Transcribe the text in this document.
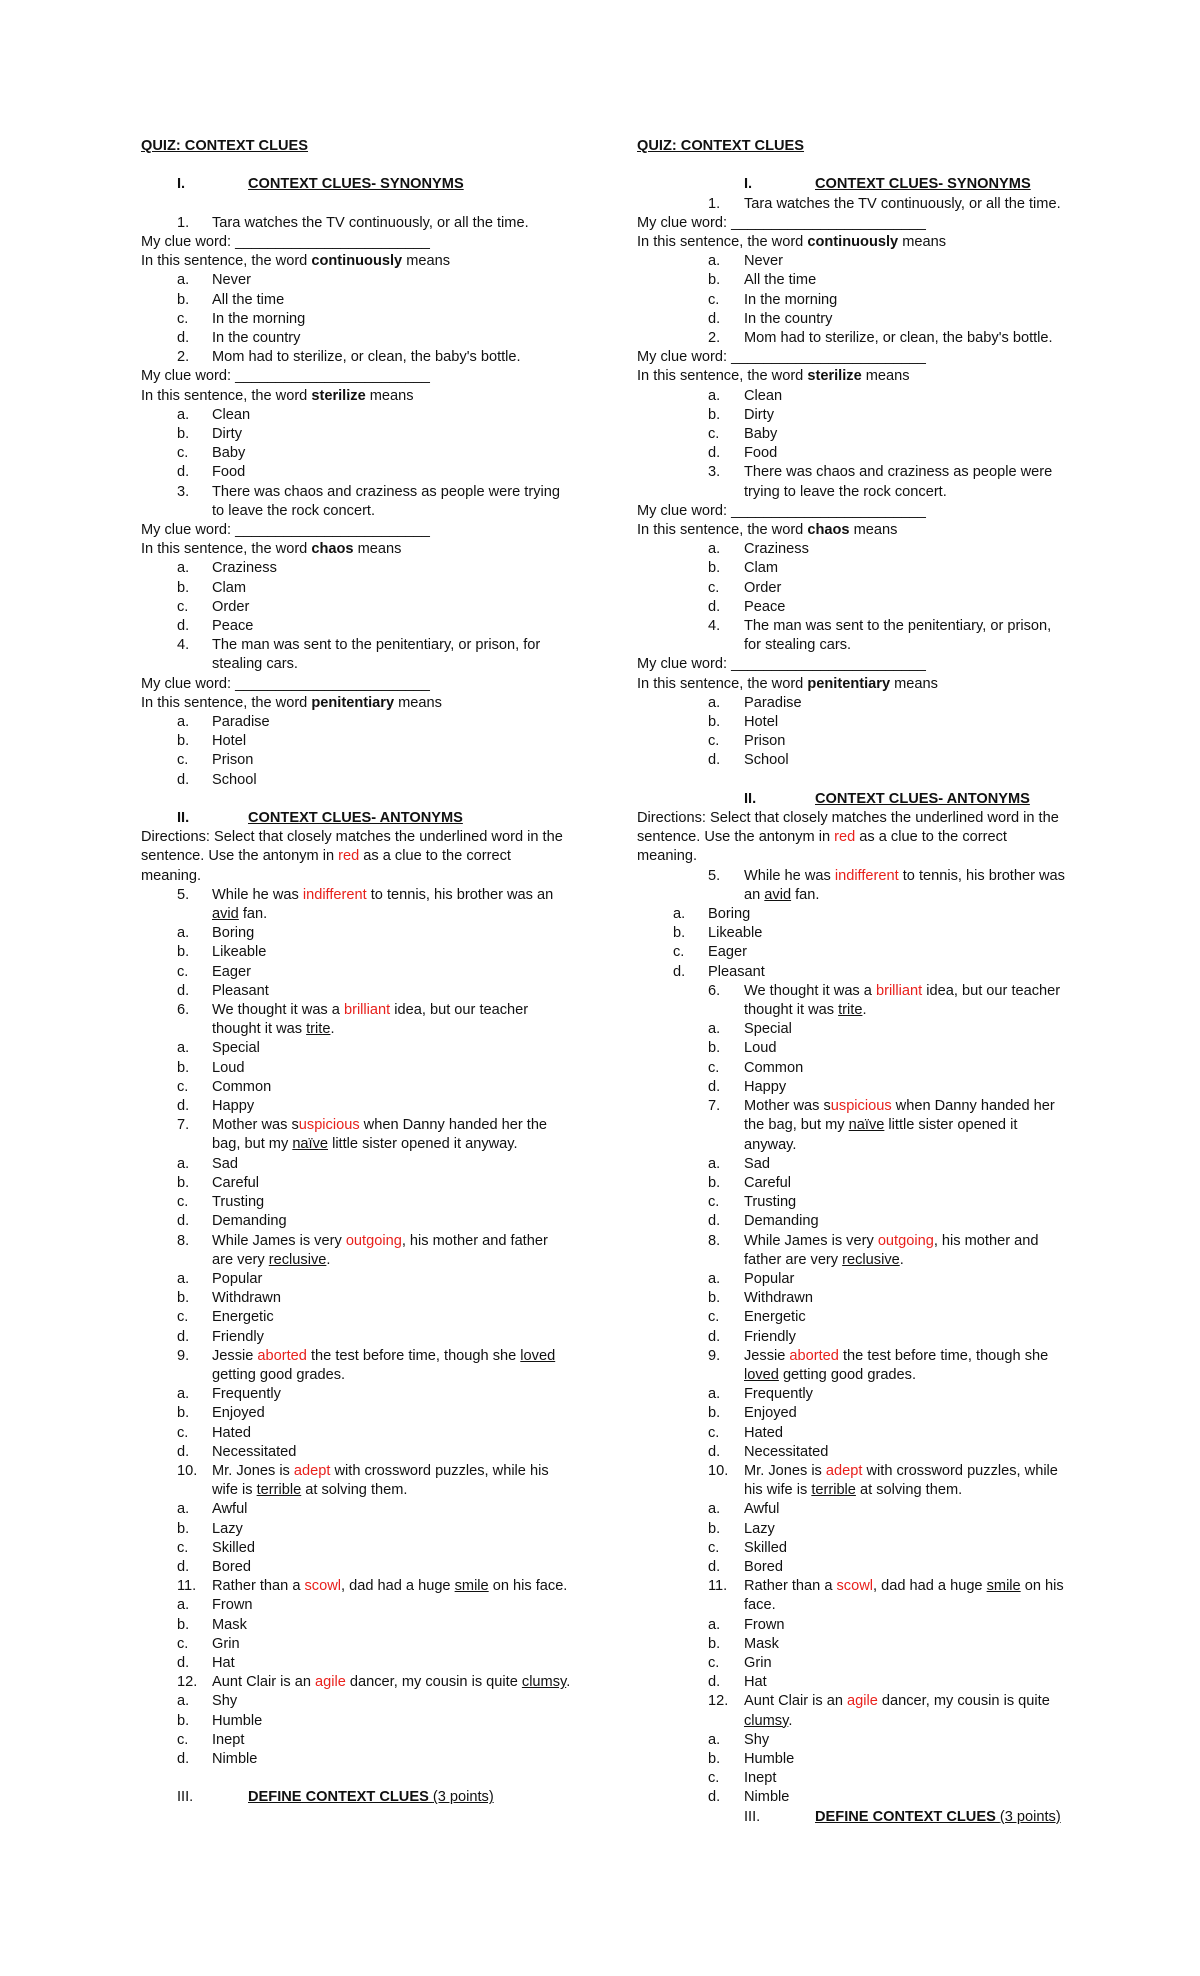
QUIZ: CONTEXT CLUES
I.	CONTEXT CLUES- SYNONYMS
1. Tara watches the TV continuously, or all the time.
My clue word: ________________________
In this sentence, the word continuously means
a. Never
b. All the time
c. In the morning
d. In the country
2. Mom had to sterilize, or clean, the baby's bottle.
My clue word: ________________________
In this sentence, the word sterilize means
a. Clean
b. Dirty
c. Baby
d. Food
3. There was chaos and craziness as people were trying to leave the rock concert.
My clue word: ________________________
In this sentence, the word chaos means
a. Craziness
b. Clam
c. Order
d. Peace
4. The man was sent to the penitentiary, or prison, for stealing cars.
My clue word: ________________________
In this sentence, the word penitentiary means
a. Paradise
b. Hotel
c. Prison
d. School
II.	CONTEXT CLUES- ANTONYMS
Directions: Select that closely matches the underlined word in the sentence. Use the antonym in red as a clue to the correct meaning.
5. While he was indifferent to tennis, his brother was an avid fan.
a. Boring
b. Likeable
c. Eager
d. Pleasant
6. We thought it was a brilliant idea, but our teacher thought it was trite.
a. Special
b. Loud
c. Common
d. Happy
7. Mother was suspicious when Danny handed her the bag, but my naïve little sister opened it anyway.
a. Sad
b. Careful
c. Trusting
d. Demanding
8. While James is very outgoing, his mother and father are very reclusive.
a. Popular
b. Withdrawn
c. Energetic
d. Friendly
9. Jessie aborted the test before time, though she loved getting good grades.
a. Frequently
b. Enjoyed
c. Hated
d. Necessitated
10. Mr. Jones is adept with crossword puzzles, while his wife is terrible at solving them.
a. Awful
b. Lazy
c. Skilled
d. Bored
11. Rather than a scowl, dad had a huge smile on his face.
a. Frown
b. Mask
c. Grin
d. Hat
12. Aunt Clair is an agile dancer, my cousin is quite clumsy.
a. Shy
b. Humble
c. Inept
d. Nimble
III.	DEFINE CONTEXT CLUES (3 points)
QUIZ: CONTEXT CLUES
I.	CONTEXT CLUES- SYNONYMS
1. Tara watches the TV continuously, or all the time.
My clue word: ________________________
In this sentence, the word continuously means
a. Never
b. All the time
c. In the morning
d. In the country
2. Mom had to sterilize, or clean, the baby's bottle.
My clue word: ________________________
In this sentence, the word sterilize means
a. Clean
b. Dirty
c. Baby
d. Food
3. There was chaos and craziness as people were trying to leave the rock concert.
My clue word: ________________________
In this sentence, the word chaos means
a. Craziness
b. Clam
c. Order
d. Peace
4. The man was sent to the penitentiary, or prison, for stealing cars.
My clue word: ________________________
In this sentence, the word penitentiary means
a. Paradise
b. Hotel
c. Prison
d. School
II.	CONTEXT CLUES- ANTONYMS
Directions: Select that closely matches the underlined word in the sentence. Use the antonym in red as a clue to the correct meaning.
5. While he was indifferent to tennis, his brother was an avid fan.
a. Boring
b. Likeable
c. Eager
d. Pleasant
6. We thought it was a brilliant idea, but our teacher thought it was trite.
a. Special
b. Loud
c. Common
d. Happy
7. Mother was suspicious when Danny handed her the bag, but my naïve little sister opened it anyway.
a. Sad
b. Careful
c. Trusting
d. Demanding
8. While James is very outgoing, his mother and father are very reclusive.
a. Popular
b. Withdrawn
c. Energetic
d. Friendly
9. Jessie aborted the test before time, though she loved getting good grades.
a. Frequently
b. Enjoyed
c. Hated
d. Necessitated
10. Mr. Jones is adept with crossword puzzles, while his wife is terrible at solving them.
a. Awful
b. Lazy
c. Skilled
d. Bored
11. Rather than a scowl, dad had a huge smile on his face.
a. Frown
b. Mask
c. Grin
d. Hat
12. Aunt Clair is an agile dancer, my cousin is quite clumsy.
a. Shy
b. Humble
c. Inept
d. Nimble
III.	DEFINE CONTEXT CLUES (3 points)
